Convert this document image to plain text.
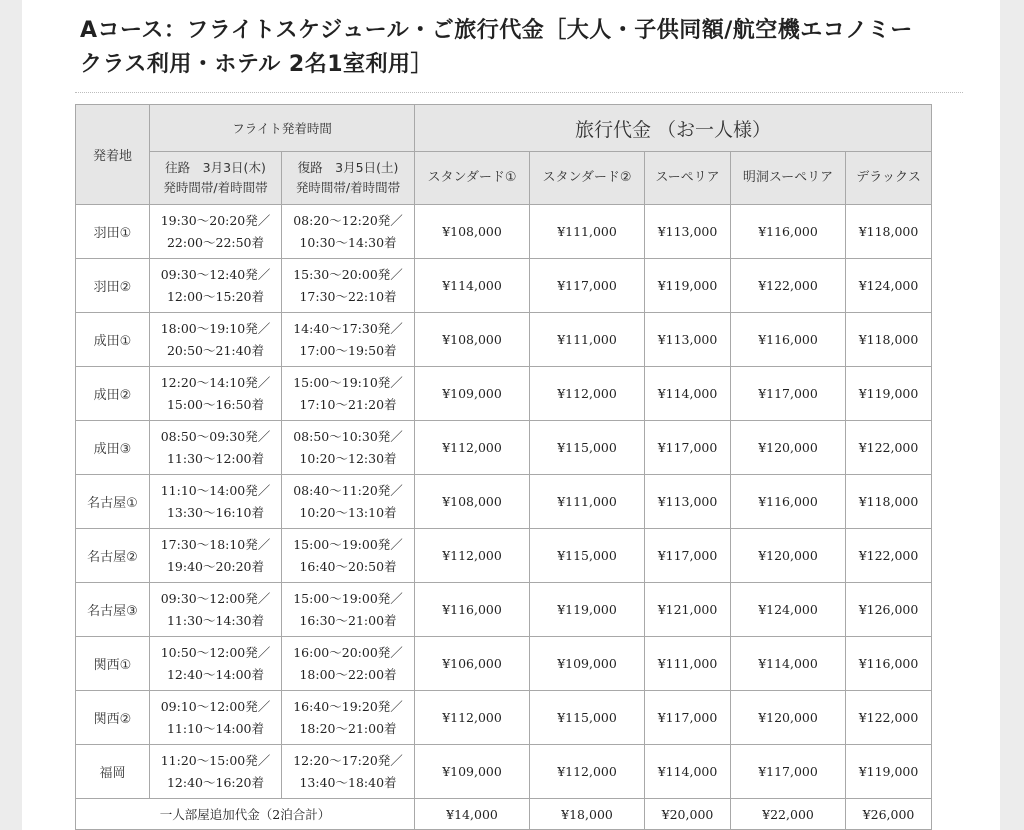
Aコース：フライトスケジュール・ご旅行代金［大人・子供同額/航空機エコノミー
クラス利用・ホテル 2名1室利用］
発着地	フライト発着時間		旅行代金 （お一人様）				

	往路　3月3日(木)
発時間帯/着時間帯	復路　3月5日(土)
発時間帯/着時間帯	スタンダード①	スタンダード②	スーペリア	明洞スーペリア	デラックス
羽田①	19:30〜20:20発／
22:00〜22:50着	08:20〜12:20発／
10:30〜14:30着	¥108,000	¥111,000	¥113,000	¥116,000	¥118,000
羽田②	09:30〜12:40発／
12:00〜15:20着	15:30〜20:00発／
17:30〜22:10着	¥114,000	¥117,000	¥119,000	¥122,000	¥124,000
成田①	18:00〜19:10発／
20:50〜21:40着	14:40〜17:30発／
17:00〜19:50着	¥108,000	¥111,000	¥113,000	¥116,000	¥118,000
成田②	12:20〜14:10発／
15:00〜16:50着	15:00〜19:10発／
17:10〜21:20着	¥109,000	¥112,000	¥114,000	¥117,000	¥119,000
成田③	08:50〜09:30発／
11:30〜12:00着	08:50〜10:30発／
10:20〜12:30着	¥112,000	¥115,000	¥117,000	¥120,000	¥122,000
名古屋①	11:10〜14:00発／
13:30〜16:10着	08:40〜11:20発／
10:20〜13:10着	¥108,000	¥111,000	¥113,000	¥116,000	¥118,000
名古屋②	17:30〜18:10発／
19:40〜20:20着	15:00〜19:00発／
16:40〜20:50着	¥112,000	¥115,000	¥117,000	¥120,000	¥122,000
名古屋③	09:30〜12:00発／
11:30〜14:30着	15:00〜19:00発／
16:30〜21:00着	¥116,000	¥119,000	¥121,000	¥124,000	¥126,000
関西①	10:50〜12:00発／
12:40〜14:00着	16:00〜20:00発／
18:00〜22:00着	¥106,000	¥109,000	¥111,000	¥114,000	¥116,000
関西②	09:10〜12:00発／
11:10〜14:00着	16:40〜19:20発／
18:20〜21:00着	¥112,000	¥115,000	¥117,000	¥120,000	¥122,000
福岡	11:20〜15:00発／
12:40〜16:20着	12:20〜17:20発／
13:40〜18:40着	¥109,000	¥112,000	¥114,000	¥117,000	¥119,000
一人部屋追加代金（2泊合計）			¥14,000	¥18,000	¥20,000	¥22,000	¥26,000
